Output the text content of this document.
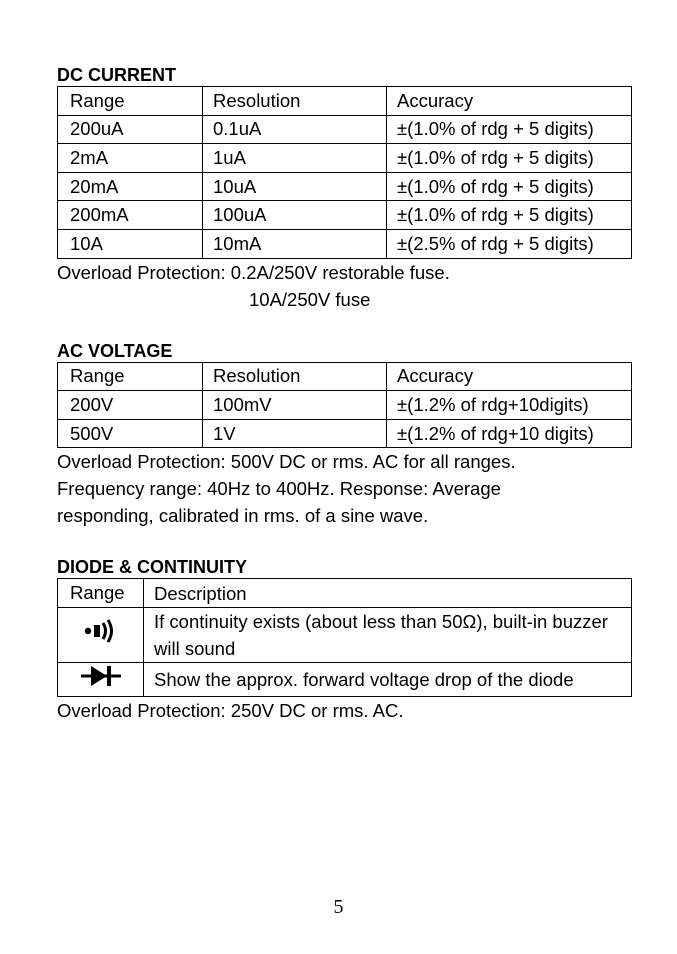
DC CURRENT

Range	Resolution	Accuracy
200uA	0.1uA	±(1.0% of rdg + 5 digits)
2mA	1uA	±(1.0% of rdg + 5 digits)
20mA	10uA	±(1.0% of rdg + 5 digits)
200mA	100uA	±(1.0% of rdg + 5 digits)
10A	10mA	±(2.5% of rdg + 5 digits)

Overload Protection: 0.2A/250V restorable fuse.

10A/250V fuse

AC VOLTAGE

Range	Resolution	Accuracy
200V	100mV	±(1.2% of rdg+10digits)
500V	1V	±(1.2% of rdg+10 digits)

Overload Protection: 500V DC or rms. AC for all ranges.

Frequency range: 40Hz to 400Hz. Response: Average

responding, calibrated in rms. of a sine wave.

DIODE & CONTINUITY

Range	Description
	If continuity exists (about less than 50Ω), built-in buzzer will sound
	Show the approx. forward voltage drop of the diode

Overload Protection: 250V DC or rms. AC.

5
